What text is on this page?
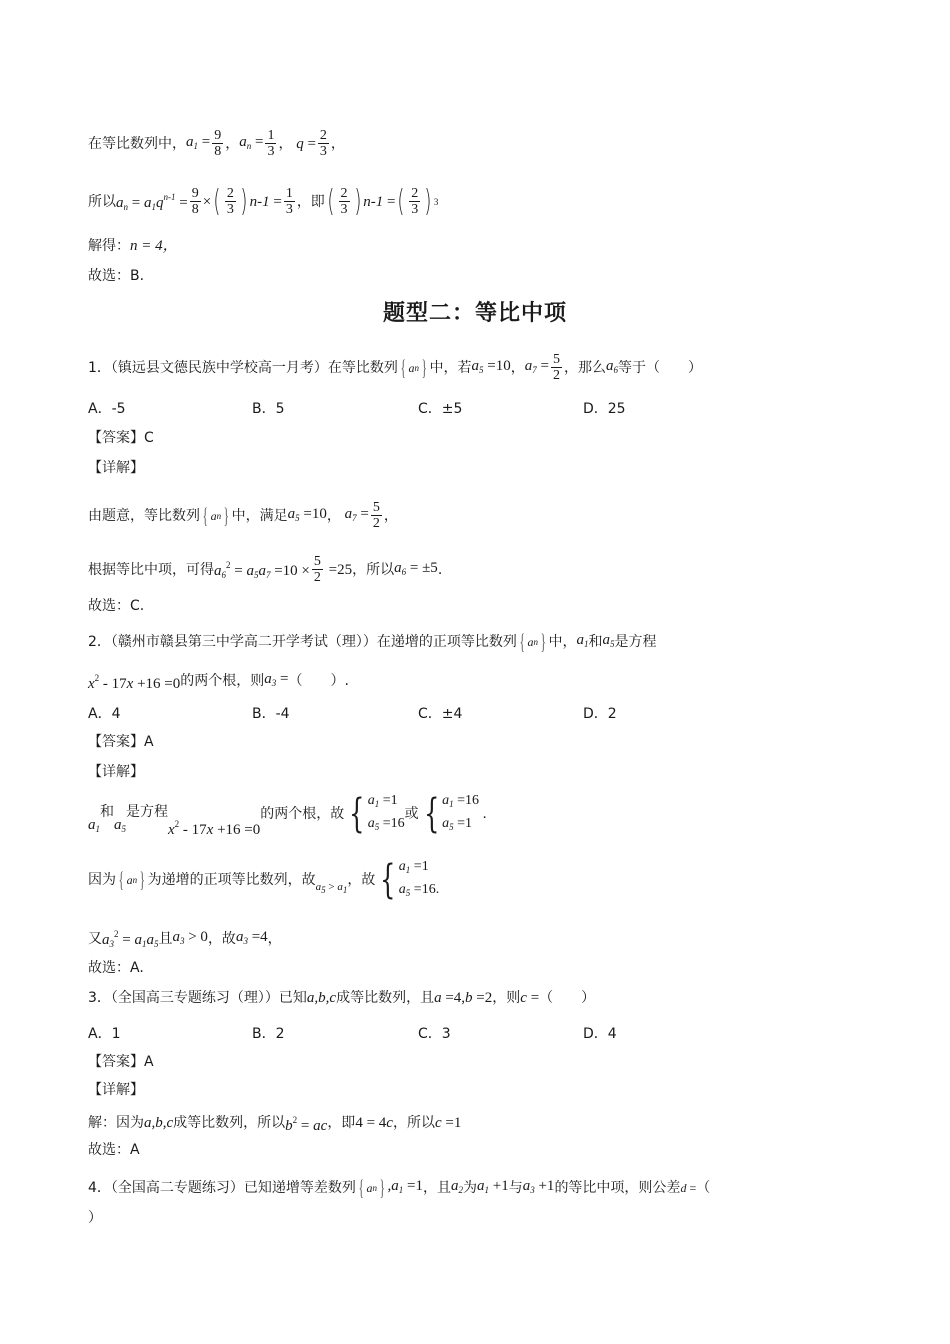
在等比数列中， $a_1 = \frac{9}{8}$ ， $a_n = \frac{1}{3}$ ， $q = \frac{2}{3}$ ，
所以 $a_n = a_1q^{n-1} = \frac{9}{8}$ × ( $\frac{2}{3}$ ) $n-1 = \frac{1}{3}$ ，即 ( $\frac{2}{3}$ ) n-1 = ( $\frac{2}{3}$ ) 3
解得： n = 4，
故选：B.
题型二：等比中项
1．（镇远县文德民族中学校高一月考）在等比数列 { a n } 中，若 $a_5 =10$ ， $a_7 = \frac{5}{2}$ ，那么 $a_6$ 等于（　　）
A．-5	B．5	C．±5	D．25
【答案】C
【详解】
由题意，等比数列 { a n } 中，满足 $a_5 =10$ ， $a_7 = \frac{5}{2}$ ，
根据等比中项，可得 $a_6^2 = a_5a_7 =10 \times \frac{5}{2} =25$ ，所以 $a_6 = \pm 5$ .
故选：C.
2．（赣州市赣县第三中学高二开学考试（理））在递增的正项等比数列 { a n } 中， $a_1$ 和 $a_5$ 是方程
$x^2 - 17x +16 =0$ 的两个根，则 $a_3$ = （　　）.
A．4	B．-4	C．±4	D．2
【答案】A
【详解】
$a_1$
和
$a_5$
是方程
$x^2 - 17x +16 =0$
的两个根，故 { $a_1 =1$
$a_5 =16$
或 { $a_1 =16$
$a_5 =1$
.
因为 { a n } 为递增的正项等比数列，故 $a_5 > a_1$
，故 { $a_1 =1$
$a_5 =16$.
又 $a_3^2 = a_1a_5$ 且 $a_3 > 0$ ，故 $a_3 =4$ ，
故选：A.
3．（全国高三专题练习（理））已知 a,b,c 成等比数列，且 a =4,b =2 ，则 c = （　　）
A．1	B．2	C．3	D．4
【答案】A
【详解】
解：因为 a,b,c 成等比数列，所以 $b^2$ = ac ，即 4 = 4c ，所以 c =1
故选：A
4．（全国高二专题练习）已知递增等差数列 { a n } $,a_1 =1$ ，且 $a_2$ 为 $a_1 +1$ 与 $a_3 +1$ 的等比中项，则公差 d = （
）
